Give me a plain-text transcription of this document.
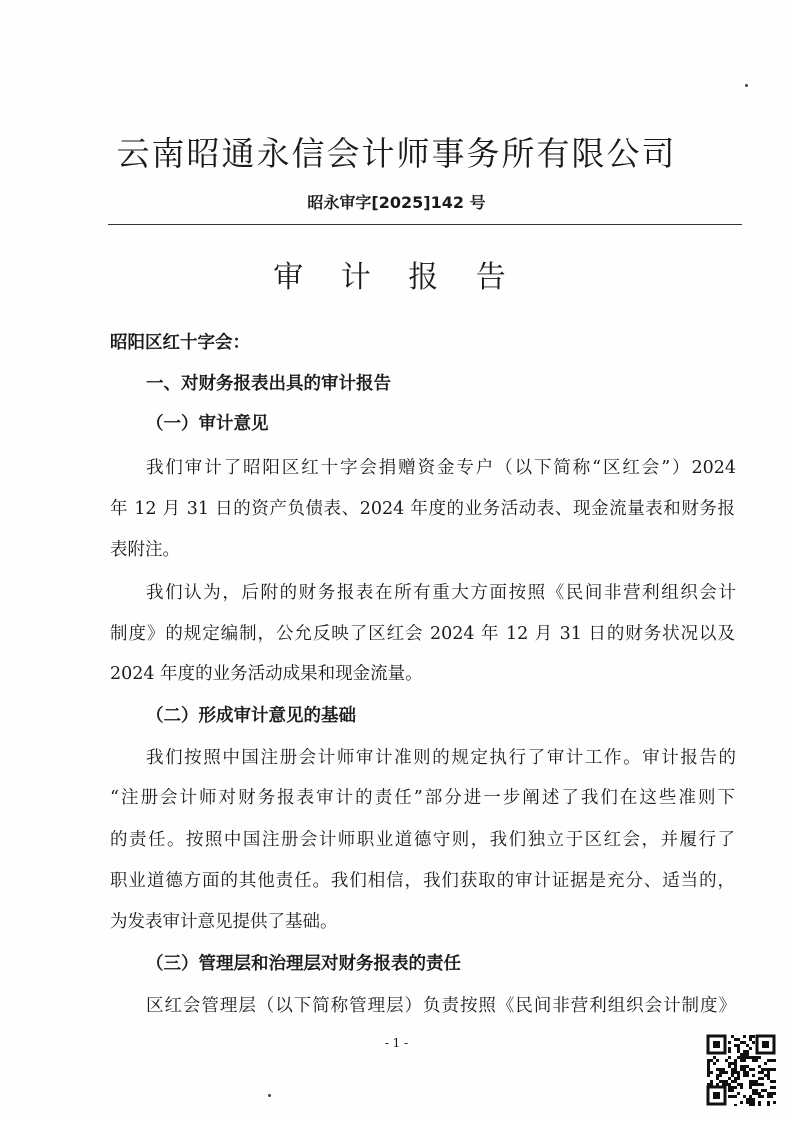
云南昭通永信会计师事务所有限公司
昭永审字[2025]142 号
审 计 报 告
昭阳区红十字会：
一、对财务报表出具的审计报告
（一）审计意见
我们审计了昭阳区红十字会捐赠资金专户（以下简称“区红会”）2024
年 12 月 31 日的资产负债表、2024 年度的业务活动表、现金流量表和财务报
表附注。
我们认为，后附的财务报表在所有重大方面按照《民间非营利组织会计
制度》的规定编制，公允反映了区红会 2024 年 12 月 31 日的财务状况以及
2024 年度的业务活动成果和现金流量。
（二）形成审计意见的基础
我们按照中国注册会计师审计准则的规定执行了审计工作。审计报告的
“注册会计师对财务报表审计的责任”部分进一步阐述了我们在这些准则下
的责任。按照中国注册会计师职业道德守则，我们独立于区红会，并履行了
职业道德方面的其他责任。我们相信，我们获取的审计证据是充分、适当的，
为发表审计意见提供了基础。
（三）管理层和治理层对财务报表的责任
区红会管理层（以下简称管理层）负责按照《民间非营利组织会计制度》
- 1 -
